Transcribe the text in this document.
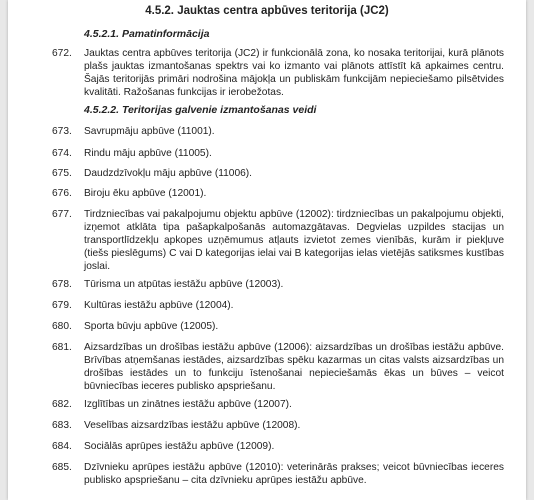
4.5.2. Jauktas centra apbūves teritorija (JC2)
4.5.2.1. Pamatinformācija
672.	Jauktas centra apbūves teritorija (JC2) ir funkcionālā zona, ko nosaka teritorijai, kurā plānots plašs jauktas izmantošanas spektrs vai ko izmanto vai plānots attīstīt kā apkaimes centru. Šajās teritorijās primāri nodrošina mājokļa un publiskām funkcijām nepieciešamo pilsētvides kvalitāti. Ražošanas funkcijas ir ierobežotas.
4.5.2.2. Teritorijas galvenie izmantošanas veidi
673.	Savrupmāju apbūve (11001).
674.	Rindu māju apbūve (11005).
675.	Daudzdzīvokļu māju apbūve (11006).
676.	Biroju ēku apbūve (12001).
677.	Tirdzniecības vai pakalpojumu objektu apbūve (12002): tirdzniecības un pakalpojumu objekti, izņemot atklāta tipa pašapkalpošanās automazgātavas. Degvielas uzpildes stacijas un transportlīdzekļu apkopes uzņēmumus atļauts izvietot zemes vienībās, kurām ir piekļuve (tiešs pieslēgums) C vai D kategorijas ielai vai B kategorijas ielas vietējās satiksmes kustības joslai.
678.	Tūrisma un atpūtas iestāžu apbūve (12003).
679.	Kultūras iestāžu apbūve (12004).
680.	Sporta būvju apbūve (12005).
681.	Aizsardzības un drošības iestāžu apbūve (12006): aizsardzības un drošības iestāžu apbūve. Brīvības atņemšanas iestādes, aizsardzības spēku kazarmas un citas valsts aizsardzības un drošības iestādes un to funkciju īstenošanai nepieciešamās ēkas un būves – veicot būvniecības ieceres publisko apspriešanu.
682.	Izglītības un zinātnes iestāžu apbūve (12007).
683.	Veselības aizsardzības iestāžu apbūve (12008).
684.	Sociālās aprūpes iestāžu apbūve (12009).
685.	Dzīvnieku aprūpes iestāžu apbūve (12010): veterinārās prakses; veicot būvniecības ieceres publisko apspriešanu – cita dzīvnieku aprūpes iestāžu apbūve.
